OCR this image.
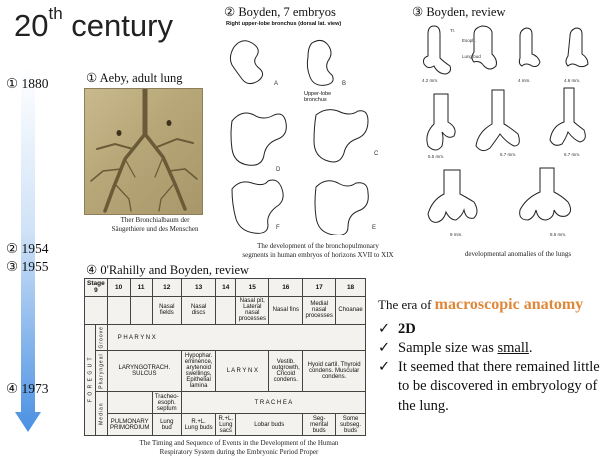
20th century
① 1880
② 1954
③ 1955
④ 1973
① Aeby, adult lung
Ther Bronchialbaum der
Säugethiere und des Menschen
② Boyden, 7 embryos
Right upper-lobe bronchus (dorsal lat. view)
Upper-lobe bronchus
A	B
C
D
E
F
The development of the bronchopulmonary
segments in human embryos of horizons XVII to XIX
③ Boyden, review
Tr.
Esoph.
Lung bud
4.2 mm.	4 mm.	4.6 mm.
5.5 mm.	5.7 mm.	6.7 mm.
9 mm.	8.5 mm.
developmental anomalies of the lungs
④ 0'Rahilly and Boyden, review
Stage 9		10	11	12	13	14	15	16	17	18
				Nasal fields	Nasal discs		Nasal pit, Lateral nasal processes	Nasal fins	Medial nasal processes	Choanae
F O R E G U T	Groove	P H A R Y N X								
	Pharyngeal	LARYNGOTRACH. SULCUS			Hypophar. eminence, arytenoid swellings, Epithelial lamina	L A R Y N X		Vestib. outgrowth, Cricoid condens.	Hyoid cartil. Thyroid condens. Muscular condens.	
	Median			Tracheo-esoph. septum	T R A C H E A					
		PULMONARY PRIMORDIUM		Lung bud	R.+L. Lung buds	R.+L. Lung sacs	Lobar buds		Seg-mental buds	Some subseg. buds
The Timing and Sequence of Events in the Development of the Human
Respiratory System during the Embryonic Period Proper
The era of macroscopic anatomy
✓ 2D
✓ Sample size was small.
✓ It seemed that there remained little to be discovered in embryology of the lung.
